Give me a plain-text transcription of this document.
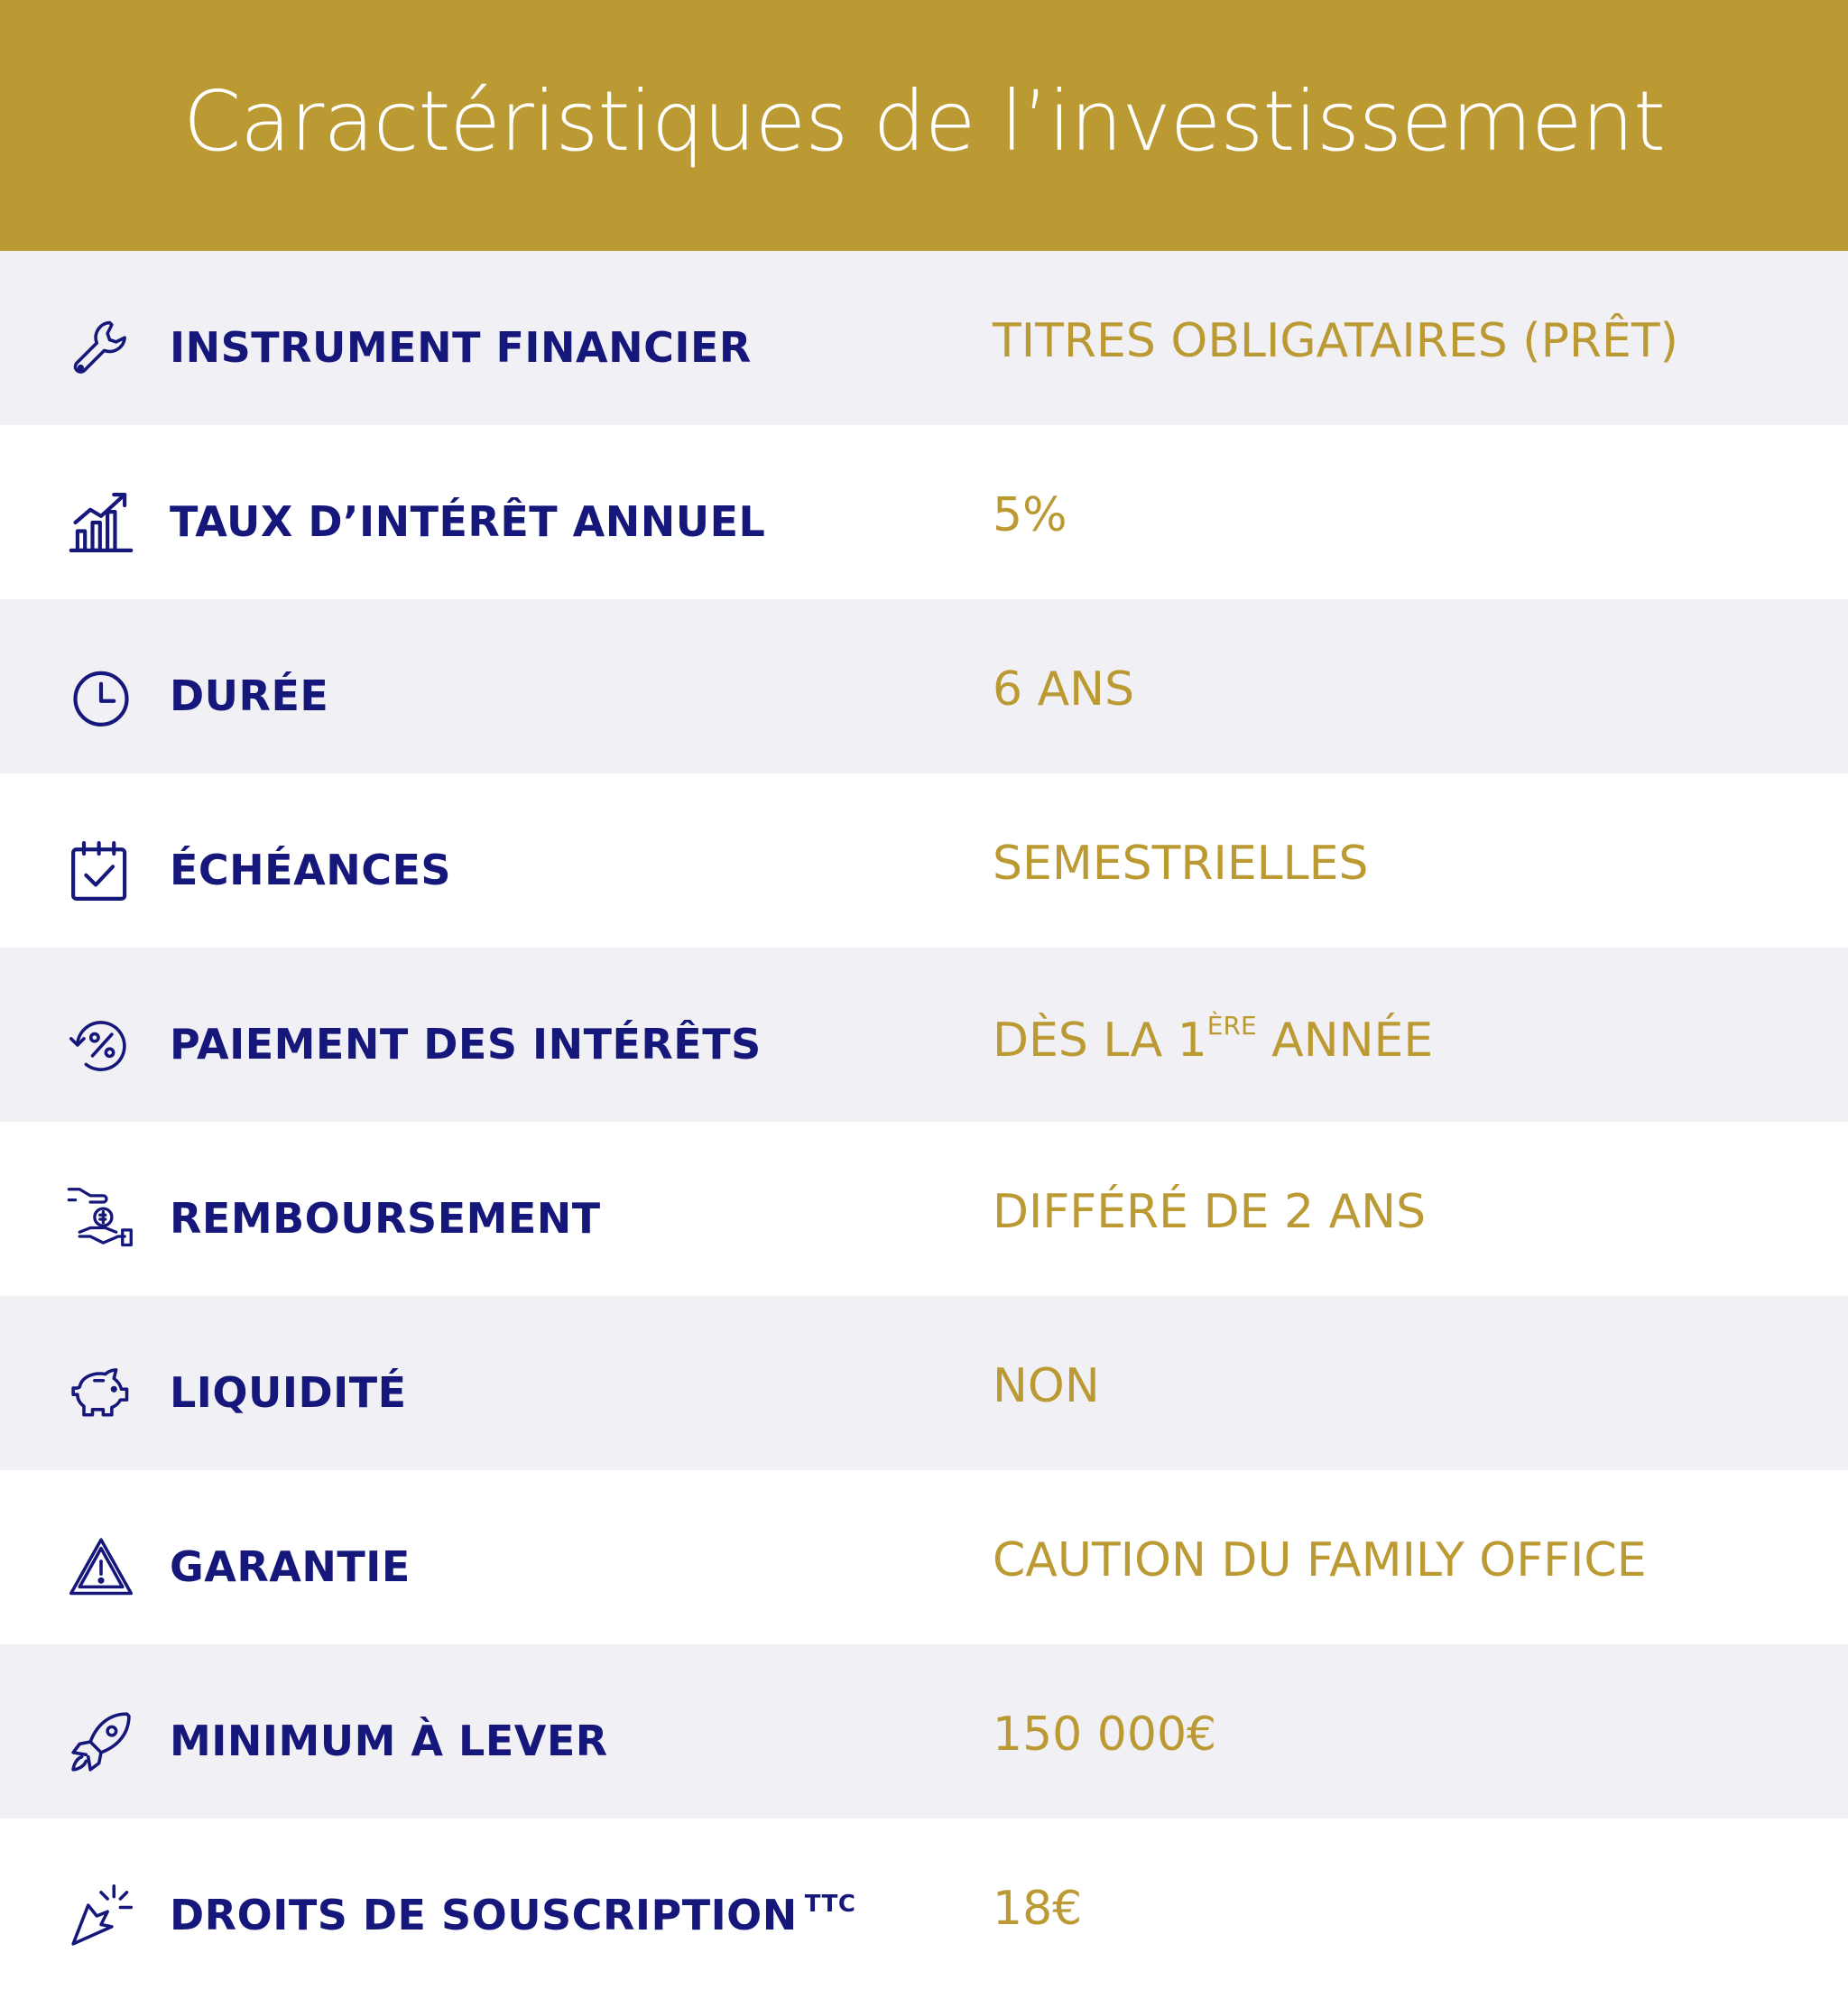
Caractéristiques de l’investissement
INSTRUMENT FINANCIER	TITRES OBLIGATAIRES (PRÊT)
TAUX D’INTÉRÊT ANNUEL	5%
DURÉE	6 ANS
ÉCHÉANCES	SEMESTRIELLES
PAIEMENT DES INTÉRÊTS	DÈS LA 1ÈRE ANNÉE
REMBOURSEMENT	DIFFÉRÉ DE 2 ANS
LIQUIDITÉ	NON
GARANTIE	CAUTION DU FAMILY OFFICE
MINIMUM À LEVER	150 000€
DROITS DE SOUSCRIPTION $^{TTC}$	18€
